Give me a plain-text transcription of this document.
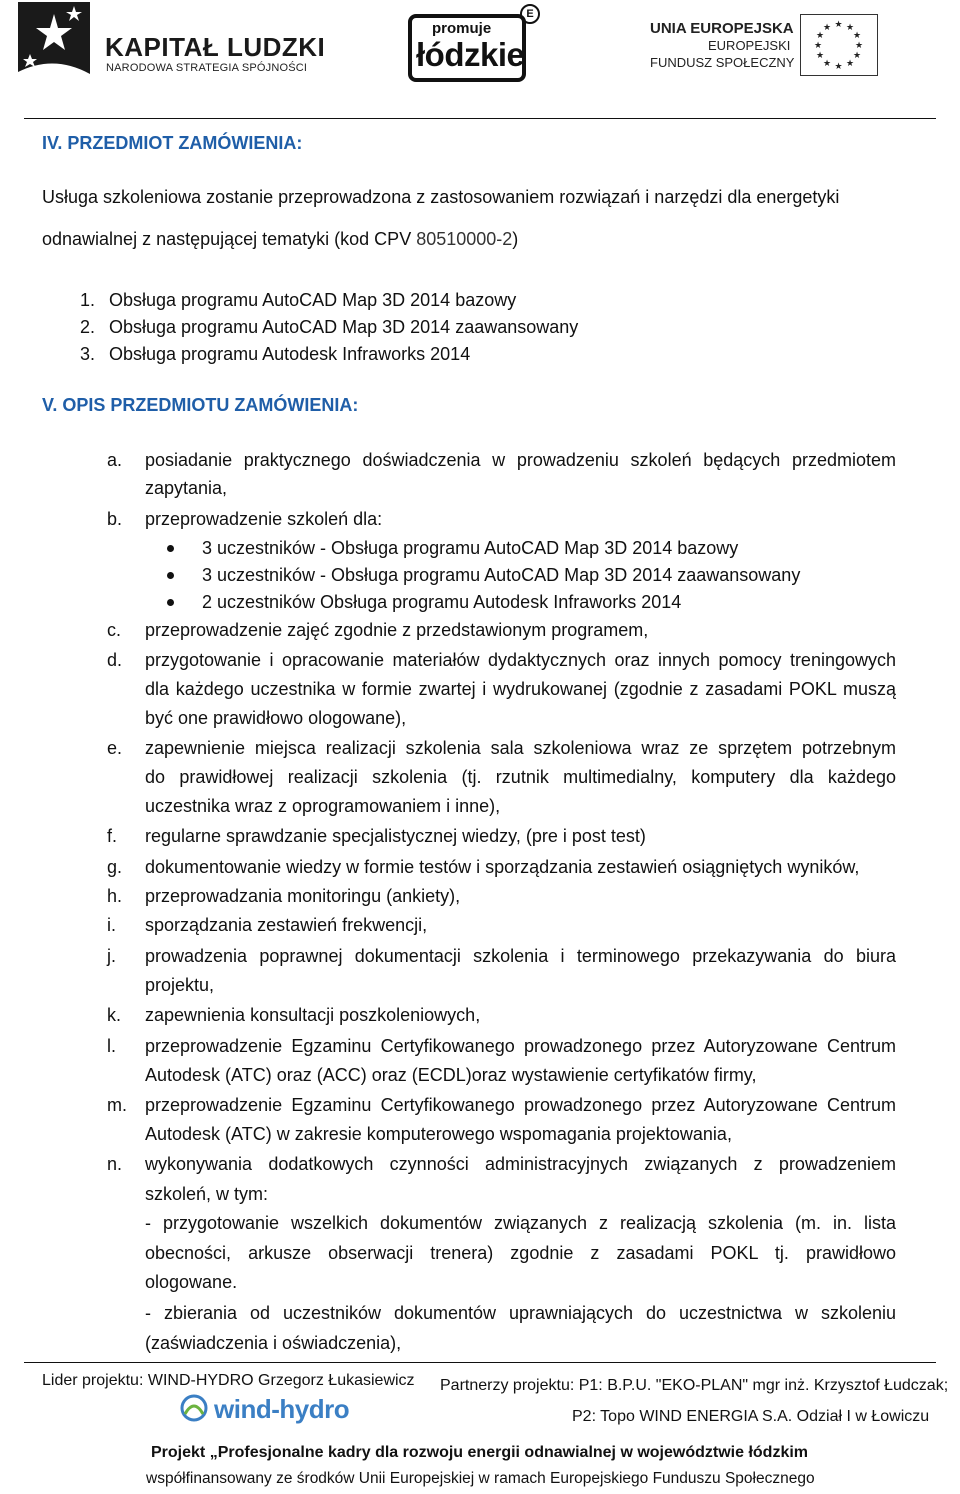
KAPITAŁ LUDZKI
NARODOWA STRATEGIA SPÓJNOŚCI
promuje
łódzkie
E
UNIA EUROPEJSKA
EUROPEJSKI
FUNDUSZ SPOŁECZNY
★ ★
★
★
★
★
★
★
★
★
★
★
IV. PRZEDMIOT ZAMÓWIENIA:
Usługa szkoleniowa zostanie przeprowadzona z zastosowaniem rozwiązań i narzędzi dla energetyki
odnawialnej z następującej tematyki (kod CPV 80510000-2)
1. Obsługa programu AutoCAD Map 3D 2014 bazowy
2. Obsługa programu AutoCAD Map 3D 2014 zaawansowany
3. Obsługa programu Autodesk Infraworks 2014
V. OPIS PRZEDMIOTU ZAMÓWIENIA:
a. posiadanie praktycznego doświadczenia w prowadzeniu szkoleń będących przedmiotem
zapytania,
b. przeprowadzenie szkoleń dla:
3 uczestników - Obsługa programu AutoCAD Map 3D 2014 bazowy
3 uczestników - Obsługa programu AutoCAD Map 3D 2014 zaawansowany
2 uczestników Obsługa programu Autodesk Infraworks 2014
c. przeprowadzenie zajęć zgodnie z przedstawionym programem,
d. przygotowanie i opracowanie materiałów dydaktycznych oraz innych pomocy treningowych
dla każdego uczestnika w formie zwartej i wydrukowanej (zgodnie z zasadami POKL muszą
być one prawidłowo ologowane),
e. zapewnienie miejsca realizacji szkolenia sala szkoleniowa wraz ze sprzętem potrzebnym
do prawidłowej realizacji szkolenia (tj. rzutnik multimedialny, komputery dla każdego
uczestnika wraz z oprogramowaniem i inne),
f. regularne sprawdzanie specjalistycznej wiedzy, (pre i post test)
g. dokumentowanie wiedzy w formie testów i sporządzania zestawień osiągniętych wyników,
h. przeprowadzania monitoringu (ankiety),
i. sporządzania zestawień frekwencji,
j. prowadzenia poprawnej dokumentacji szkolenia i terminowego przekazywania do biura
projektu,
k. zapewnienia konsultacji poszkoleniowych,
l. przeprowadzenie Egzaminu Certyfikowanego prowadzonego przez Autoryzowane Centrum
Autodesk (ATC) oraz (ACC) oraz (ECDL)oraz wystawienie certyfikatów firmy,
m. przeprowadzenie Egzaminu Certyfikowanego prowadzonego przez Autoryzowane Centrum
Autodesk (ATC) w zakresie komputerowego wspomagania projektowania,
n. wykonywania dodatkowych czynności administracyjnych związanych z prowadzeniem
szkoleń, w tym:
- przygotowanie wszelkich dokumentów związanych z realizacją szkolenia (m. in. lista
obecności, arkusze obserwacji trenera) zgodnie z zasadami POKL tj. prawidłowo
ologowane.
- zbierania od uczestników dokumentów uprawniających do uczestnictwa w szkoleniu
(zaświadczenia i oświadczenia),
Lider projektu: WIND-HYDRO Grzegorz Łukasiewicz Partnerzy projektu: P1: B.P.U. "EKO-PLAN" mgr inż. Krzysztof Łudczak;
P2: Topo WIND ENERGIA S.A. Odział I w Łowiczu
wind-hydro
Projekt „Profesjonalne kadry dla rozwoju energii odnawialnej w województwie łódzkim
współfinansowany ze środków Unii Europejskiej w ramach Europejskiego Funduszu Społecznego
